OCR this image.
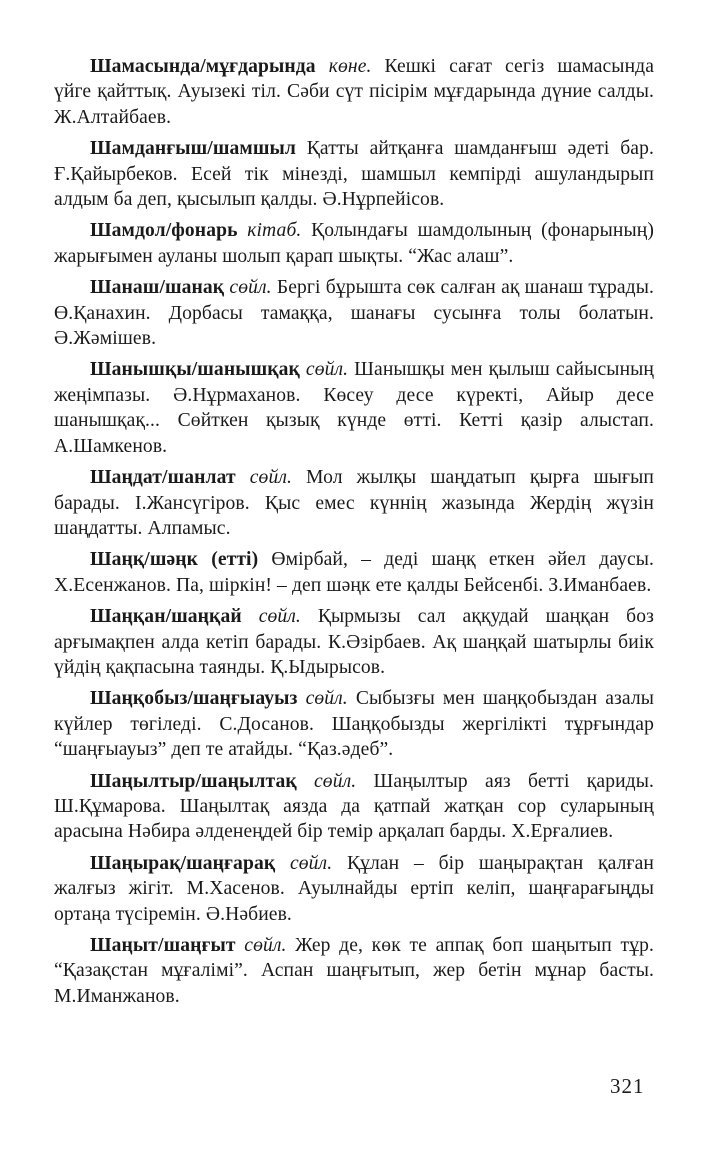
Шамасында/мұғдарында көне. Кешкі сағат сегіз шамасында үйге қайттық. Ауызекі тіл. Сәби сүт пісірім мұғдарында дүние салды. Ж.Алтайбаев.

Шамданғыш/шамшыл Қатты айтқанға шамданғыш әдеті бар. Ғ.Қайырбеков. Есей тік мінезді, шамшыл кемпірді ашуландырып алдым ба деп, қысылып қалды. Ә.Нұрпейісов.

Шамдол/фонарь кітаб. Қолындағы шамдолының (фонарының) жарығымен ауланы шолып қарап шықты. “Жас алаш”.

Шанаш/шанақ сөйл. Бергі бұрышта сөк салған ақ шанаш тұрады. Ө.Қанахин. Дорбасы тамаққа, шанағы сусынға толы болатын. Ә.Жәмішев.

Шанышқы/шанышқақ сөйл. Шанышқы мен қылыш сайысының жеңімпазы. Ә.Нұрмаханов. Көсеу десе күректі, Айыр десе шанышқақ... Сөйткен қызық күнде өтті. Кетті қазір алыстап. А.Шамкенов.

Шаңдат/шанлат сөйл. Мол жылқы шаңдатып қырға шығып барады. І.Жансүгіров. Қыс емес күннің жазында Жердің жүзін шаңдатты. Алпамыс.

Шаңқ/шәңк (етті) Өмірбай, – деді шаңқ еткен әйел даусы. Х.Есенжанов. Па, шіркін! – деп шәңк ете қалды Бейсенбі. З.Иманбаев.

Шаңқан/шаңқай сөйл. Қырмызы сал аққудай шаңқан боз арғымақпен алда кетіп барады. К.Әзірбаев. Ақ шаңқай шатырлы биік үйдің қақпасына таянды. Қ.Ыдырысов.

Шаңқобыз/шаңғыауыз сөйл. Сыбызғы мен шаңқобыздан азалы күйлер төгіледі. С.Досанов. Шаңқобызды жергілікті тұрғындар “шаңғыауыз” деп те атайды. “Қаз.әдеб”.

Шаңылтыр/шаңылтақ сөйл. Шаңылтыр аяз бетті қариды. Ш.Құмарова. Шаңылтақ аязда да қатпай жатқан сор суларының арасына Нәбира әлденеңдей бір темір арқалап барды. Х.Ерғалиев.

Шаңырақ/шаңғарақ сөйл. Құлан – бір шаңырақтан қалған жалғыз жігіт. М.Хасенов. Ауылнайды ертіп келіп, шаңғарағыңды ортаңа түсіремін. Ә.Нәбиев.

Шаңыт/шаңғыт сөйл. Жер де, көк те аппақ боп шаңытып тұр. “Қазақстан мұғалімі”. Аспан шаңғытып, жер бетін мұнар басты. М.Иманжанов.

321
